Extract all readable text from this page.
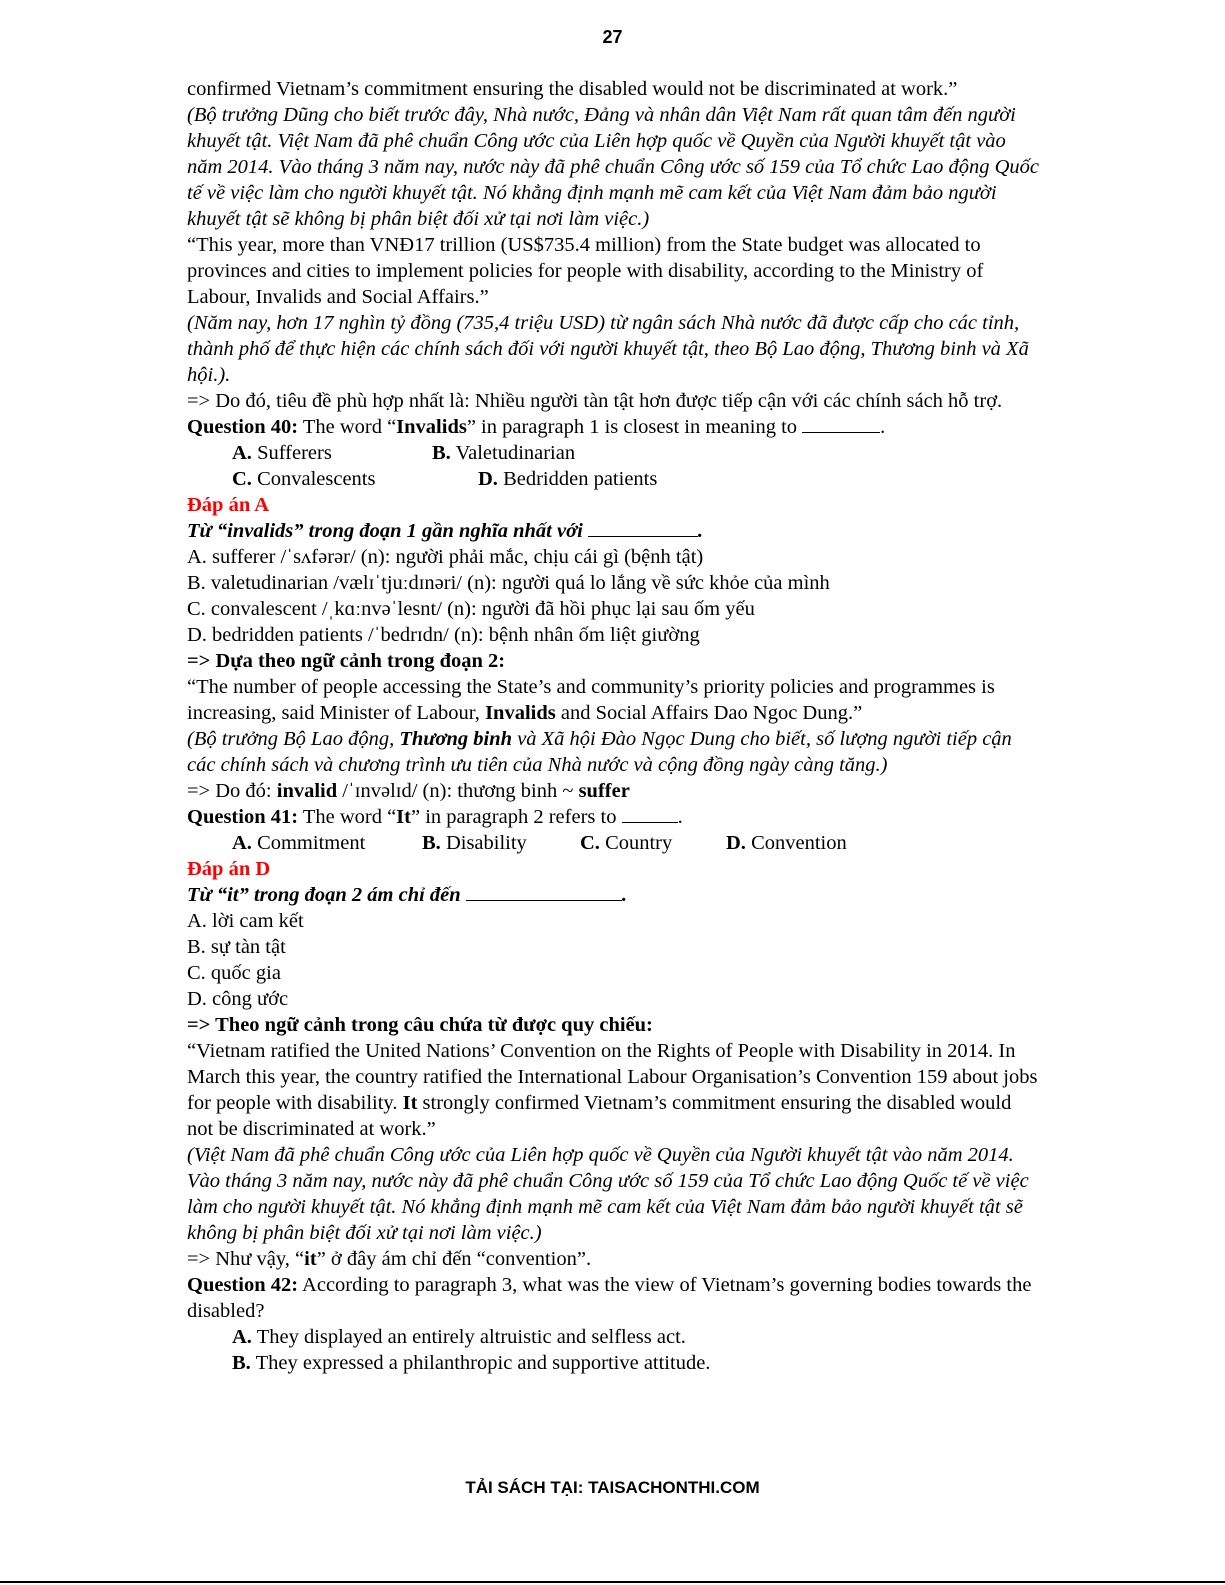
27

confirmed Vietnam’s commitment ensuring the disabled would not be discriminated at work.”

(Bộ trưởng Dũng cho biết trước đây, Nhà nước, Đảng và nhân dân Việt Nam rất quan tâm đến người khuyết tật. Việt Nam đã phê chuẩn Công ước của Liên hợp quốc về Quyền của Người khuyết tật vào năm 2014. Vào tháng 3 năm nay, nước này đã phê chuẩn Công ước số 159 của Tổ chức Lao động Quốc tế về việc làm cho người khuyết tật. Nó khẳng định mạnh mẽ cam kết của Việt Nam đảm bảo người khuyết tật sẽ không bị phân biệt đối xử tại nơi làm việc.)

“This year, more than VNĐ17 trillion (US$735.4 million) from the State budget was allocated to provinces and cities to implement policies for people with disability, according to the Ministry of Labour, Invalids and Social Affairs.”

(Năm nay, hơn 17 nghìn tỷ đồng (735,4 triệu USD) từ ngân sách Nhà nước đã được cấp cho các tỉnh, thành phố để thực hiện các chính sách đối với người khuyết tật, theo Bộ Lao động, Thương binh và Xã hội.).

=> Do đó, tiêu đề phù hợp nhất là: Nhiều người tàn tật hơn được tiếp cận với các chính sách hỗ trợ.

Question 40: The word “Invalids” in paragraph 1 is closest in meaning to	.

A. Sufferers	B. Valetudinarian
C. Convalescents	D. Bedridden patients

Đáp án A

Từ “invalids” trong đoạn 1 gần nghĩa nhất với	.

A. sufferer /ˈsʌfərər/ (n): người phải mắc, chịu cái gì (bệnh tật)

B. valetudinarian /vælɪˈtjuːdɪnəri/ (n): người quá lo lắng về sức khỏe của mình

C. convalescent /ˌkɑːnvəˈlesnt/ (n): người đã hồi phục lại sau ốm yếu

D. bedridden patients /ˈbedrɪdn/ (n): bệnh nhân ốm liệt giường

=> Dựa theo ngữ cảnh trong đoạn 2:

“The number of people accessing the State’s and community’s priority policies and programmes is increasing, said Minister of Labour, Invalids and Social Affairs Dao Ngoc Dung.”

(Bộ trưởng Bộ Lao động, Thương binh và Xã hội Đào Ngọc Dung cho biết, số lượng người tiếp cận các chính sách và chương trình ưu tiên của Nhà nước và cộng đồng ngày càng tăng.)

=> Do đó: invalid /ˈɪnvəlɪd/ (n): thương binh ~ suffer

Question 41: The word “It” in paragraph 2 refers to	.

A. Commitment	B. Disability	C. Country	D. Convention

Đáp án D

Từ “it” trong đoạn 2 ám chỉ đến	.

A. lời cam kết

B. sự tàn tật

C. quốc gia

D. công ước

=> Theo ngữ cảnh trong câu chứa từ được quy chiếu:

“Vietnam ratified the United Nations’ Convention on the Rights of People with Disability in 2014. In March this year, the country ratified the International Labour Organisation’s Convention 159 about jobs for people with disability. It strongly confirmed Vietnam’s commitment ensuring the disabled would not be discriminated at work.”

(Việt Nam đã phê chuẩn Công ước của Liên hợp quốc về Quyền của Người khuyết tật vào năm 2014. Vào tháng 3 năm nay, nước này đã phê chuẩn Công ước số 159 của Tổ chức Lao động Quốc tế về việc làm cho người khuyết tật. Nó khẳng định mạnh mẽ cam kết của Việt Nam đảm bảo người khuyết tật sẽ không bị phân biệt đối xử tại nơi làm việc.)

=> Như vậy, “it” ở đây ám chỉ đến “convention”.

Question 42: According to paragraph 3, what was the view of Vietnam’s governing bodies towards the disabled?

A. They displayed an entirely altruistic and selfless act.

B. They expressed a philanthropic and supportive attitude.

TẢI SÁCH TẠI: TAISACHONTHI.COM
